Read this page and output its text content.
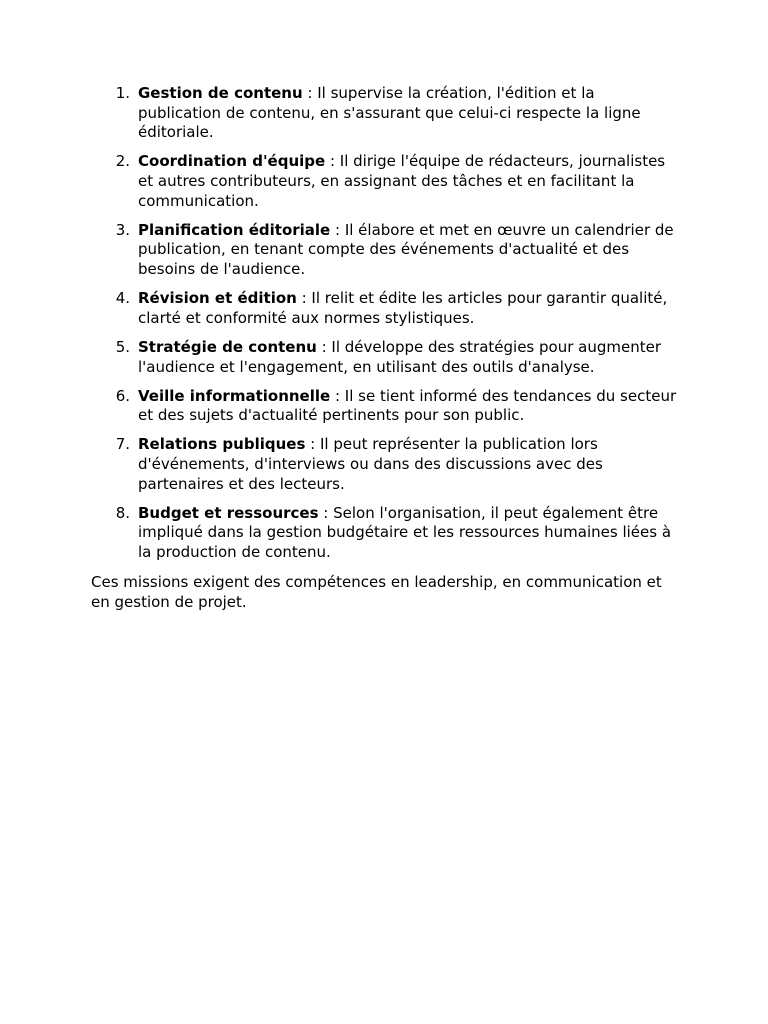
1. Gestion de contenu : Il supervise la création, l'édition et la publication de contenu, en s'assurant que celui-ci respecte la ligne éditoriale.
2. Coordination d'équipe : Il dirige l'équipe de rédacteurs, journalistes et autres contributeurs, en assignant des tâches et en facilitant la communication.
3. Planification éditoriale : Il élabore et met en œuvre un calendrier de publication, en tenant compte des événements d'actualité et des besoins de l'audience.
4. Révision et édition : Il relit et édite les articles pour garantir qualité, clarté et conformité aux normes stylistiques.
5. Stratégie de contenu : Il développe des stratégies pour augmenter l'audience et l'engagement, en utilisant des outils d'analyse.
6. Veille informationnelle : Il se tient informé des tendances du secteur et des sujets d'actualité pertinents pour son public.
7. Relations publiques : Il peut représenter la publication lors d'événements, d'interviews ou dans des discussions avec des partenaires et des lecteurs.
8. Budget et ressources : Selon l'organisation, il peut également être impliqué dans la gestion budgétaire et les ressources humaines liées à la production de contenu.

Ces missions exigent des compétences en leadership, en communication et en gestion de projet.
